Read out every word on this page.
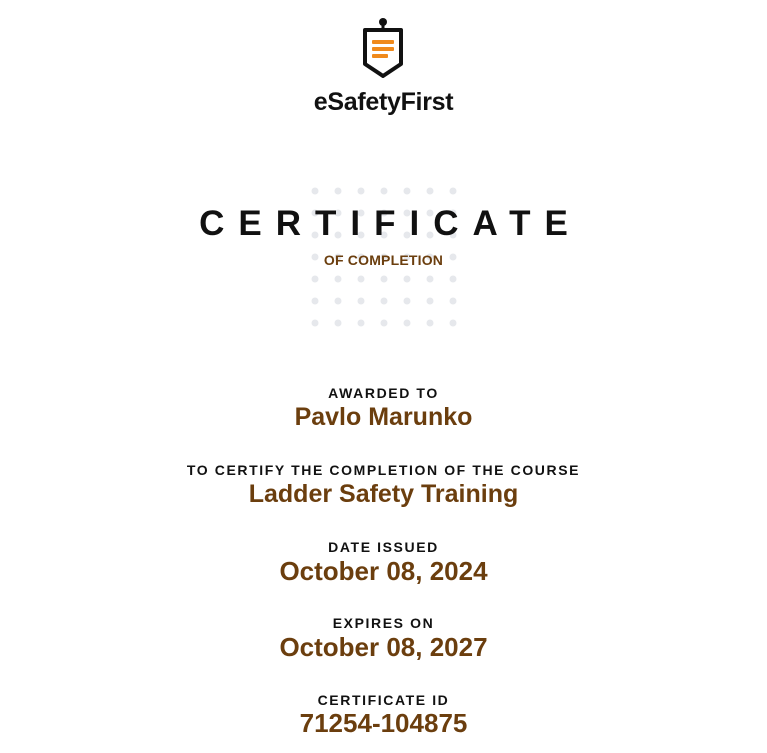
eSafetyFirst
CERTIFICATE
OF COMPLETION
AWARDED TO
Pavlo Marunko
TO CERTIFY THE COMPLETION OF THE COURSE
Ladder Safety Training
DATE ISSUED
October 08, 2024
EXPIRES ON
October 08, 2027
CERTIFICATE ID
71254-104875
